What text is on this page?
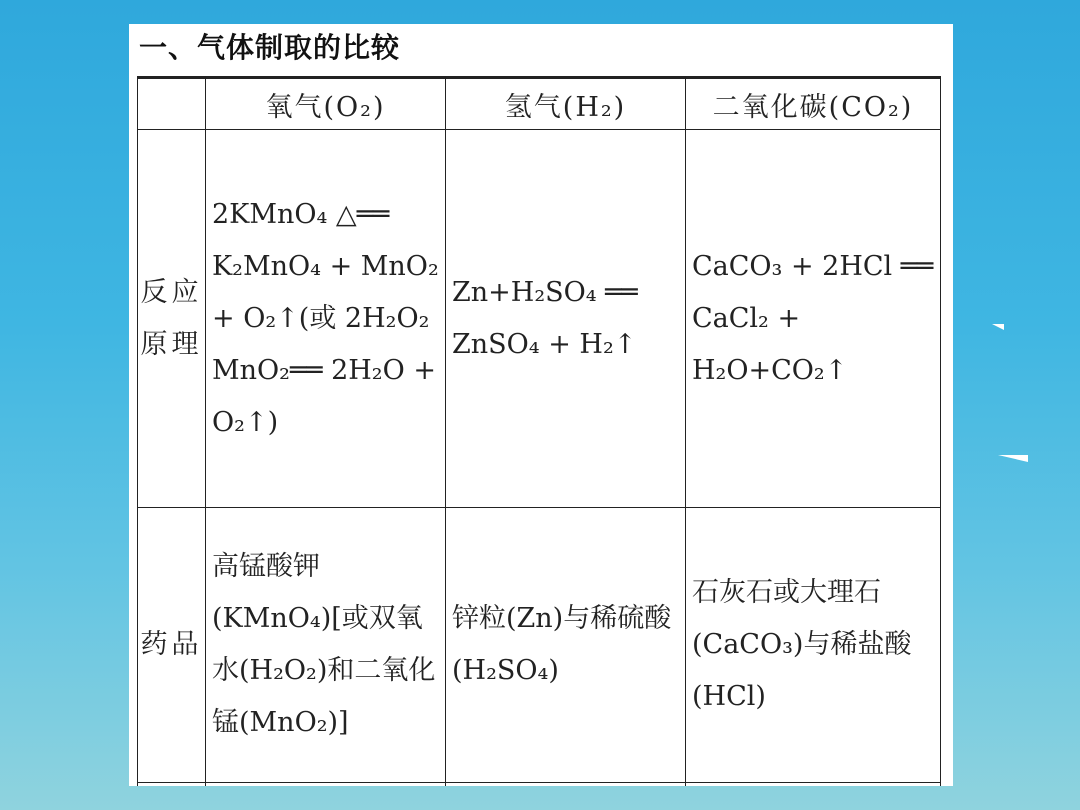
一、气体制取的比较
	氧气(O₂)	氢气(H₂)	二氧化碳(CO₂)
反应原理	2KMnO₄ △══ K₂MnO₄ + MnO₂ + O₂↑(或 2H₂O₂ MnO₂══ 2H₂O + O₂↑)	Zn+H₂SO₄ ══ ZnSO₄ + H₂↑	CaCO₃ + 2HCl ══ CaCl₂ + H₂O+CO₂↑
药品	高锰酸钾(KMnO₄)[或双氧水(H₂O₂)和二氧化锰(MnO₂)]	锌粒(Zn)与稀硫酸(H₂SO₄)	石灰石或大理石(CaCO₃)与稀盐酸(HCl)
